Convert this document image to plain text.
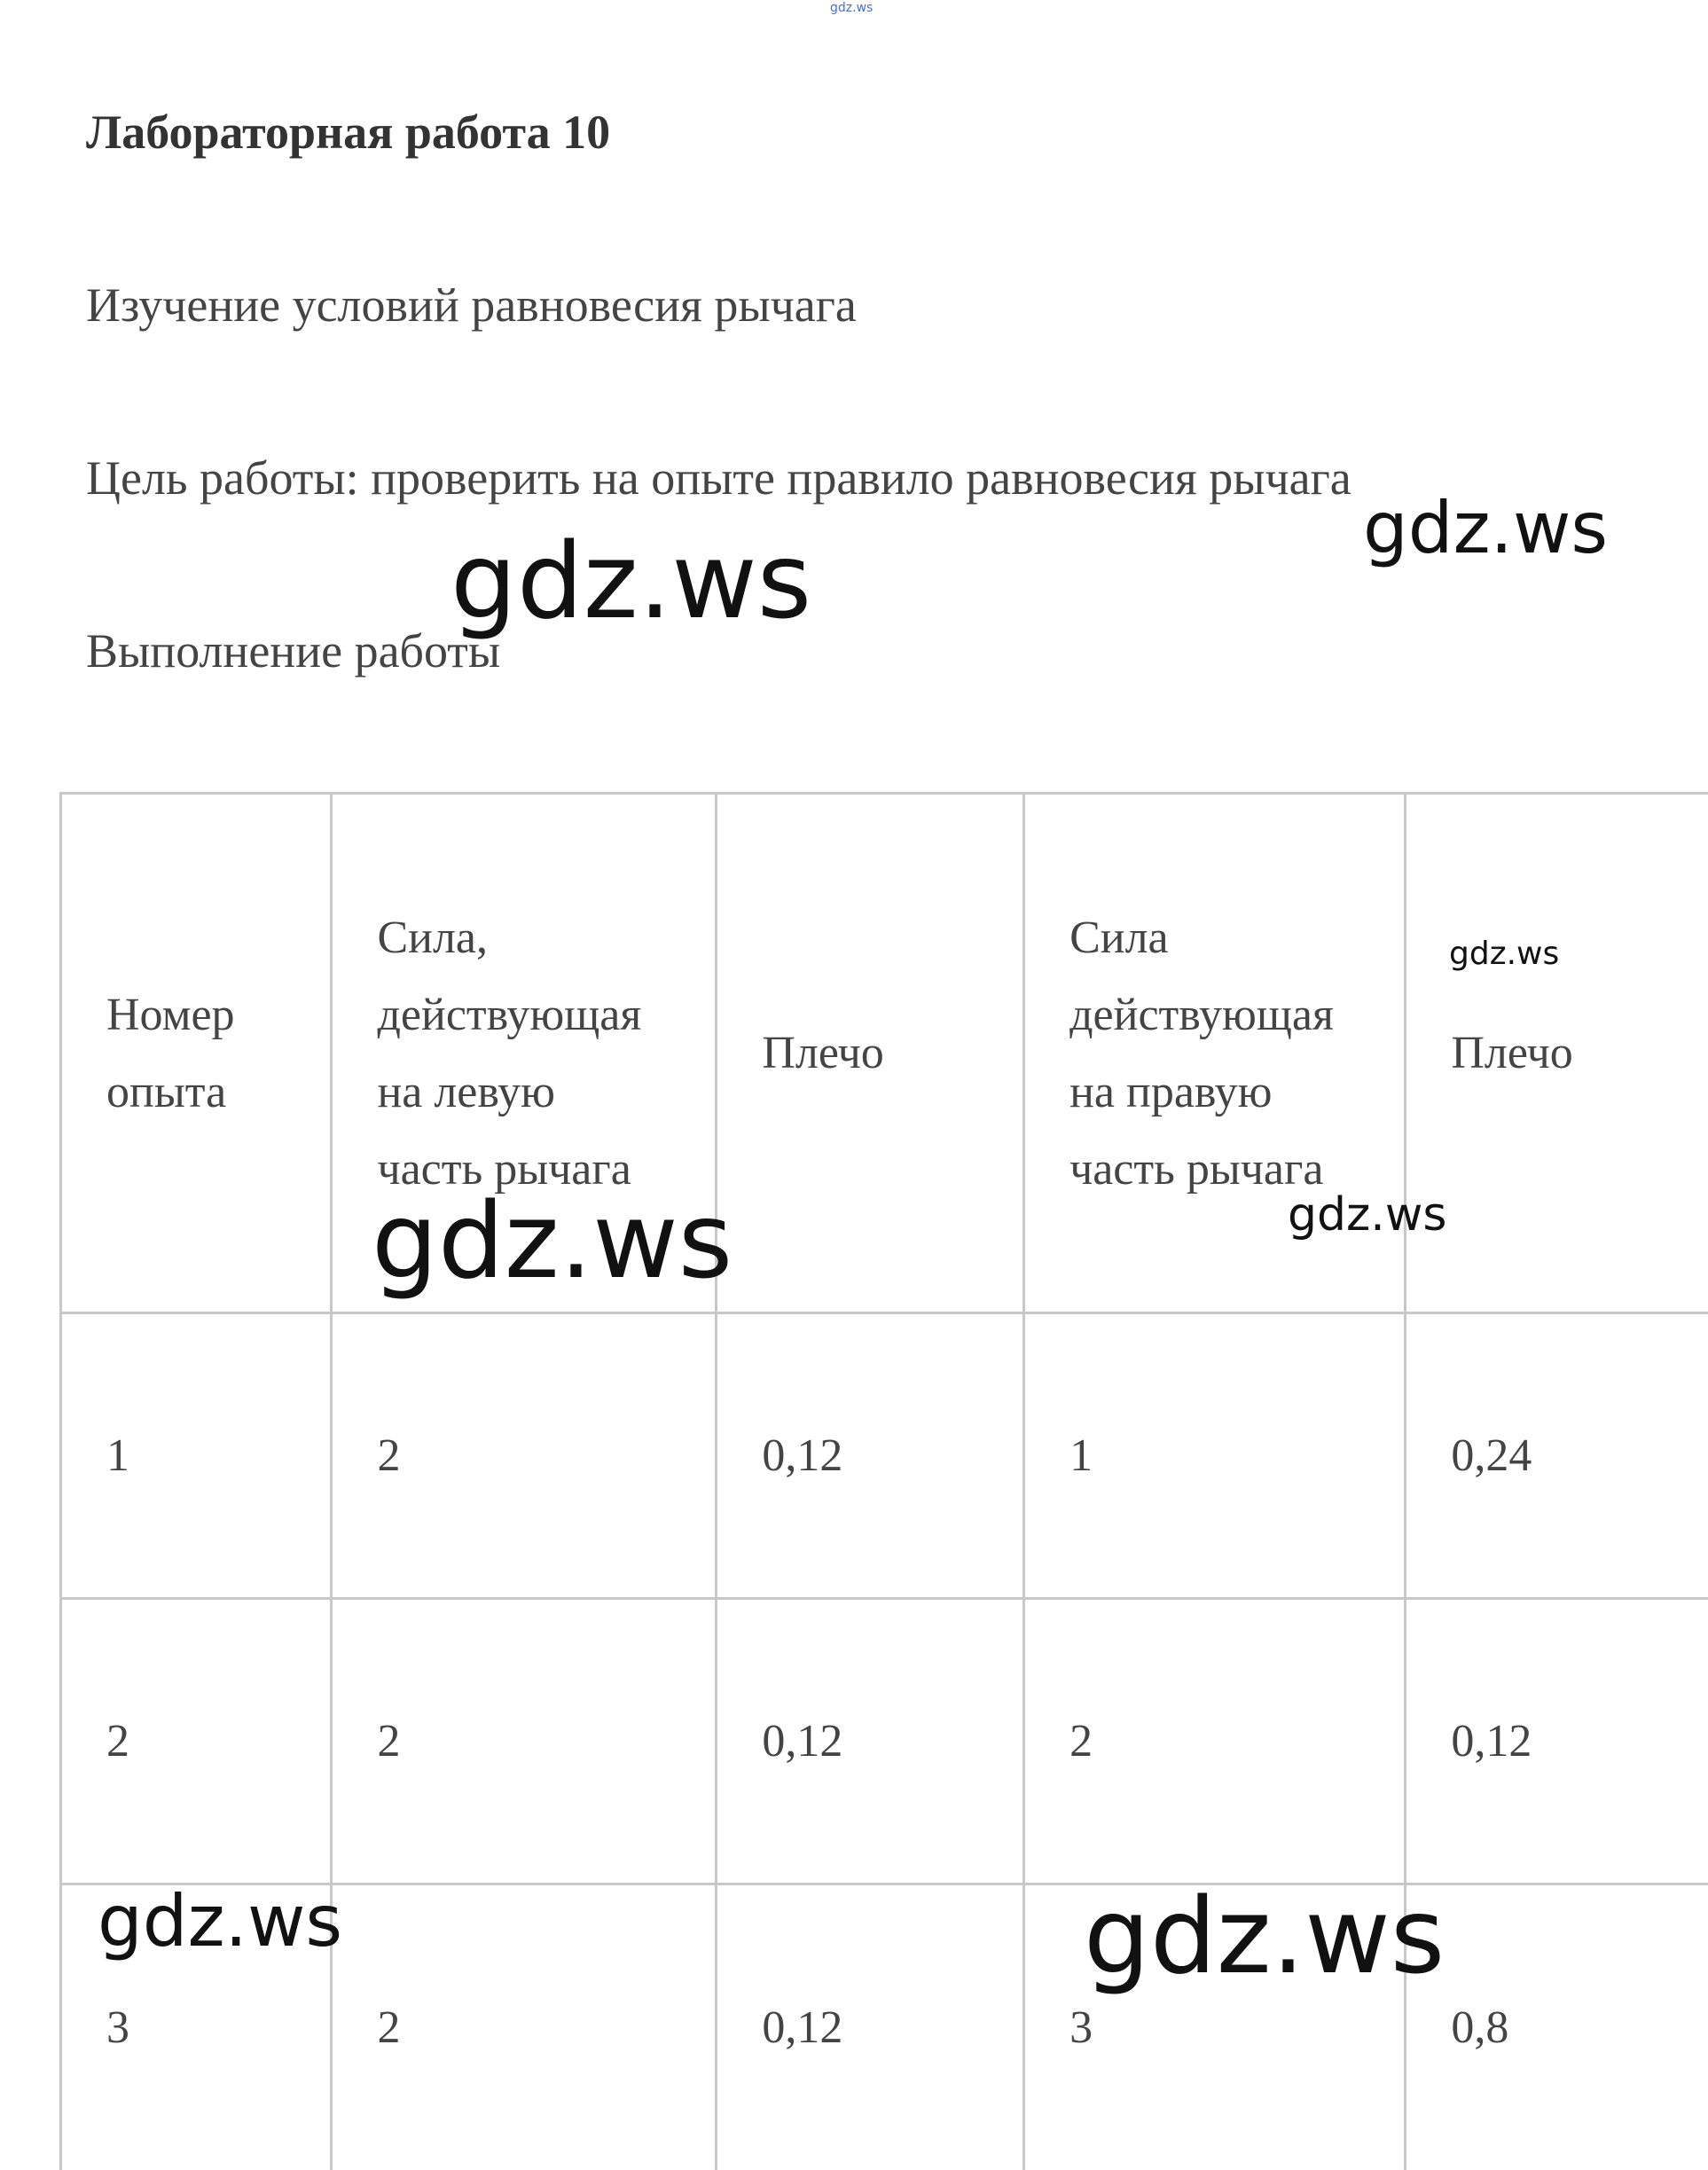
gdz.ws
Лабораторная работа 10

Изучение условий равновесия рычага

Цель работы: проверить на опыте правило равновесия рычага

Выполнение работы

Номер
опыта	Сила,
действующая
на левую
часть рычага	Плечо	Сила
действующая
на правую
часть рычага	Плечо

1	2	0,12	1	0,24
2	2	0,12	2	0,12
3	2	0,12	3	0,8
gdz.ws	gdz.ws
gdz.ws
gdz.ws	gdz.ws
gdz.ws	gdz.ws
